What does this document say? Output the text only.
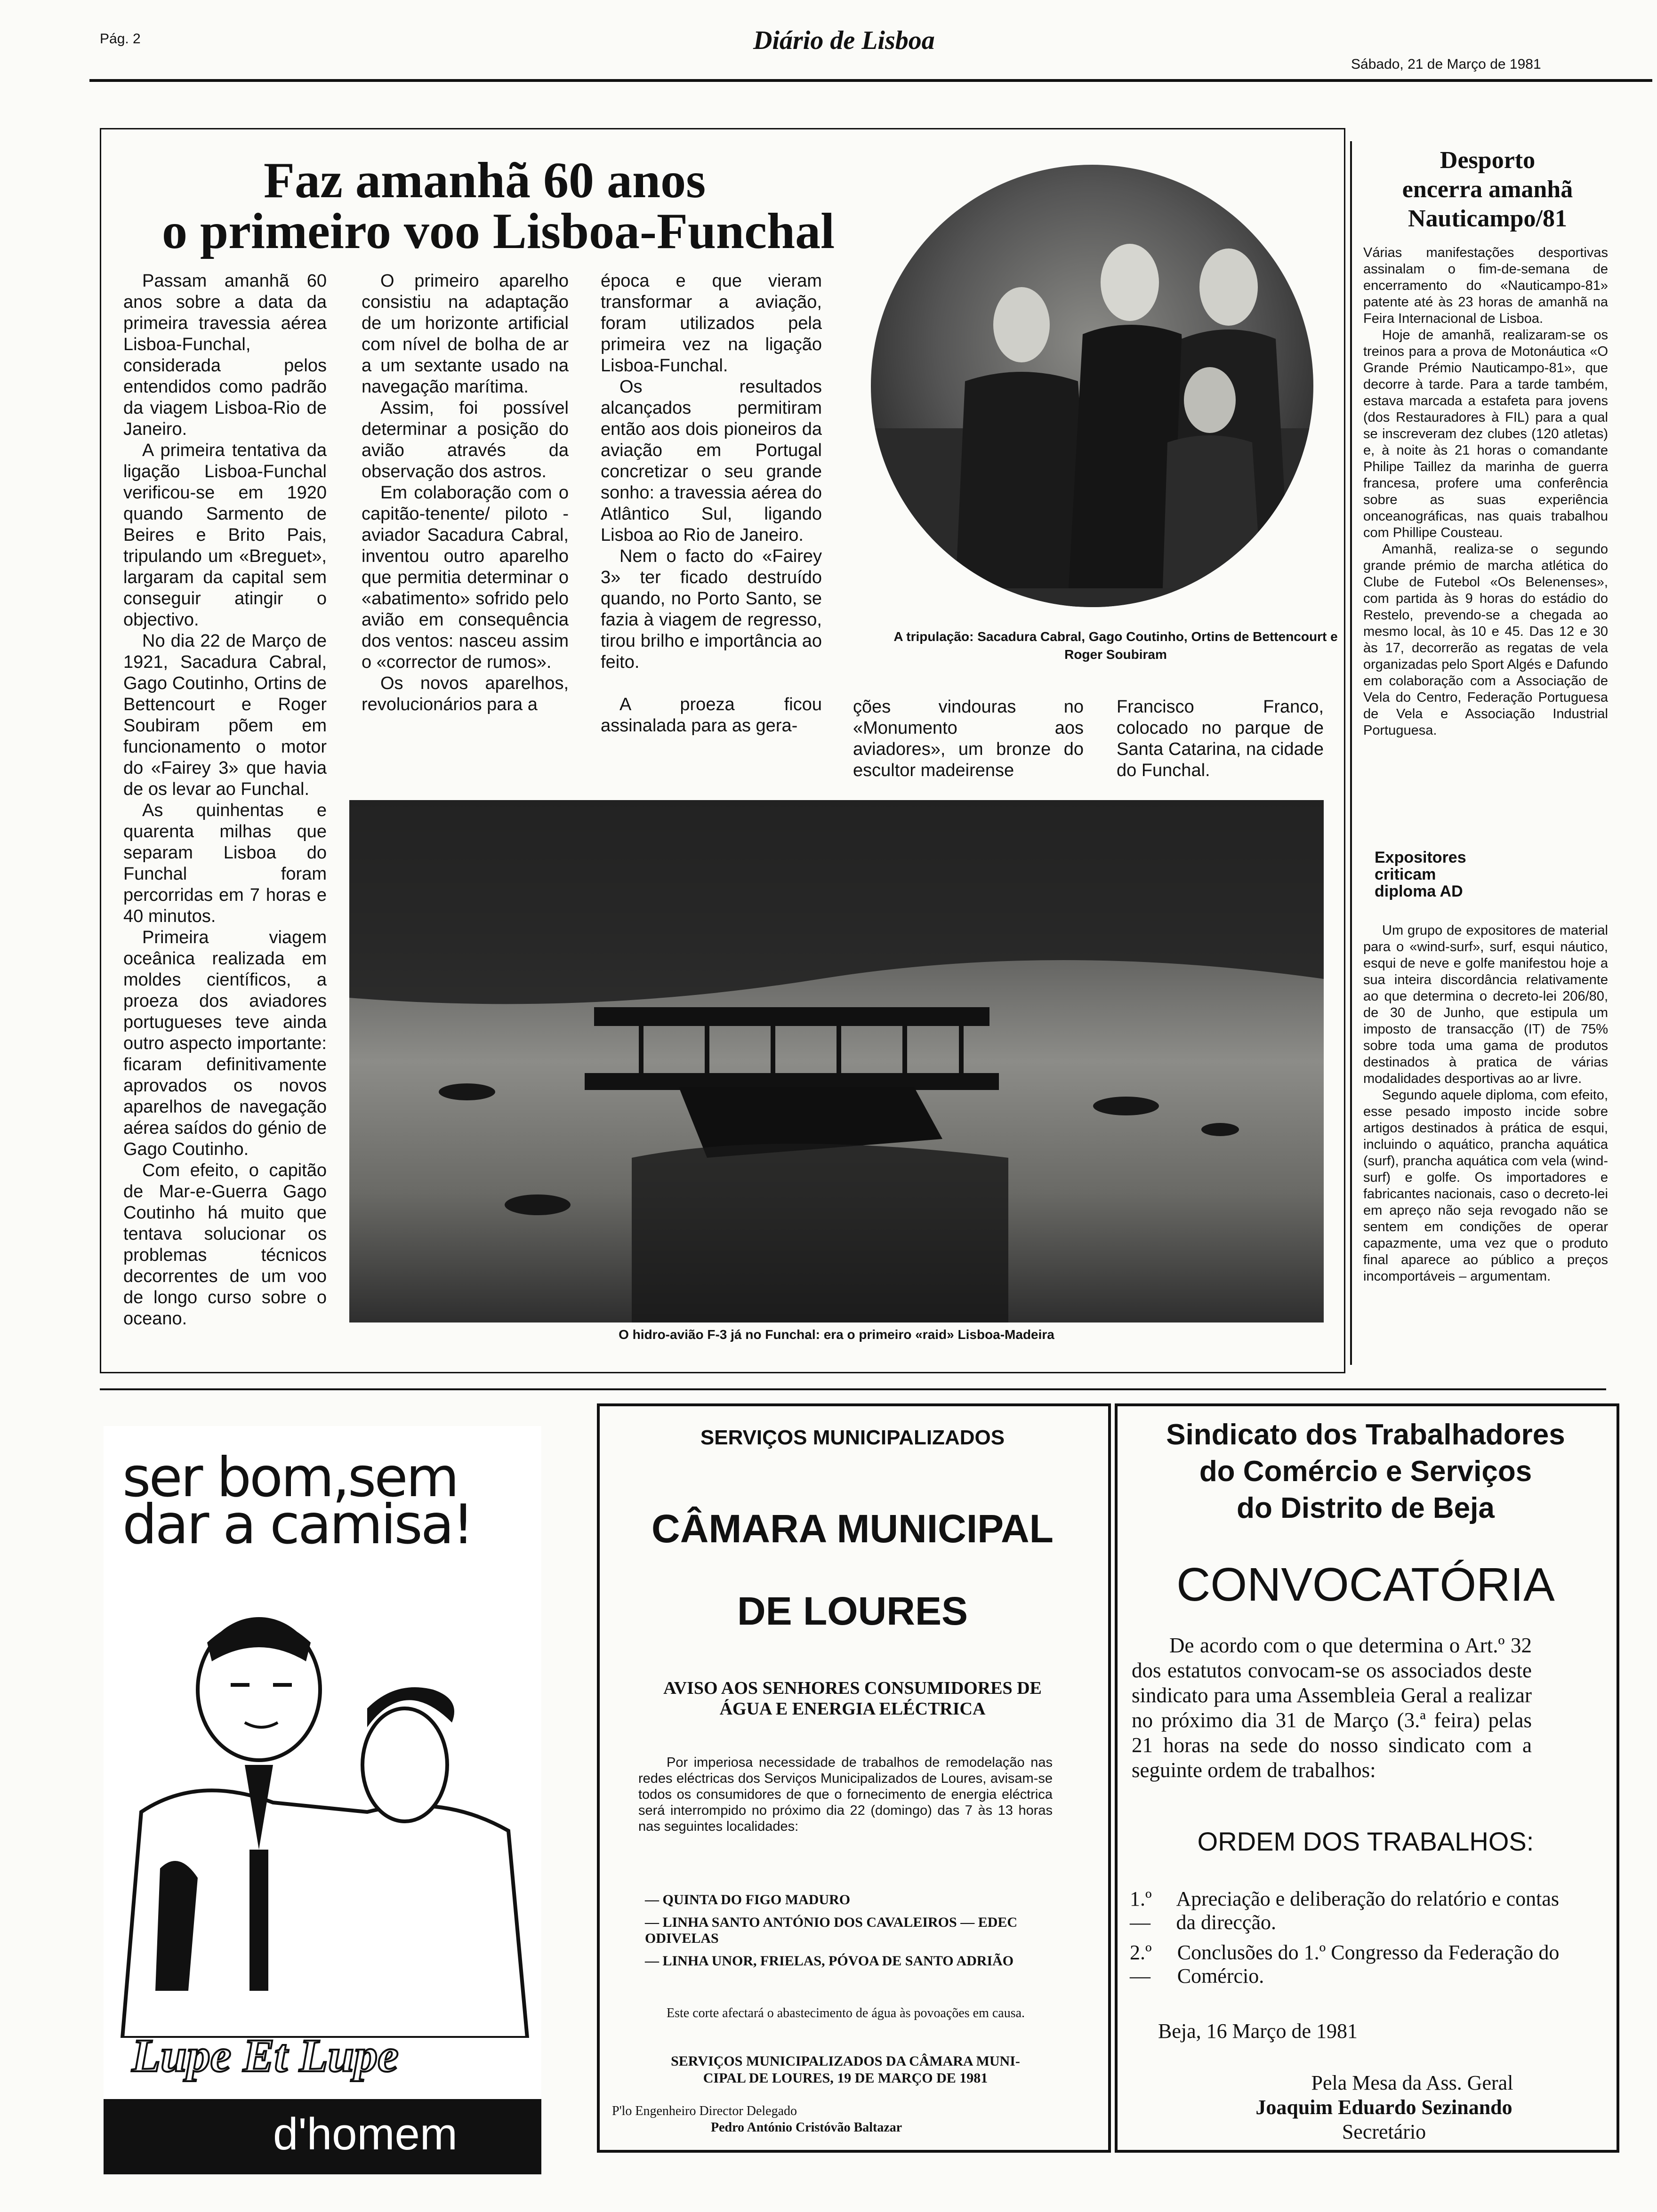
Pág. 2	Diário de Lisboa
Sábado, 21 de Março de 1981
Faz amanhã 60 anos
o primeiro voo Lisboa-Funchal

Passam amanhã 60 anos sobre a data da primeira travessia aérea Lisboa-Funchal, considerada pelos entendidos como padrão da viagem Lisboa-Rio de Janeiro.

A primeira tentativa da ligação Lisboa-Funchal verificou-se em 1920 quando Sarmento de Beires e Brito Pais, tripulando um «Breguet», largaram da capital sem conseguir atingir o objectivo.

No dia 22 de Março de 1921, Sacadura Cabral, Gago Coutinho, Ortins de Bettencourt e Roger Soubiram põem em funcionamento o motor do «Fairey 3» que havia de os levar ao Funchal.

As quinhentas e quarenta milhas que separam Lisboa do Funchal foram percorridas em 7 horas e 40 minutos.

Primeira viagem oceânica realizada em moldes científicos, a proeza dos aviadores portugueses teve ainda outro aspecto importante: ficaram definitivamente aprovados os novos aparelhos de navegação aérea saídos do génio de Gago Coutinho.

Com efeito, o capitão de Mar-e-Guerra Gago Coutinho há muito que tentava solucionar os problemas técnicos decorrentes de um voo de longo curso sobre o oceano.

O primeiro aparelho consistiu na adaptação de um horizonte artificial com nível de bolha de ar a um sextante usado na navegação marítima.

Assim, foi possível determinar a posição do avião através da observação dos astros.

Em colaboração com o capitão-tenente/ piloto -aviador Sacadura Cabral, inventou outro aparelho que permitia determinar o «abatimento» sofrido pelo avião em consequência dos ventos: nasceu assim o «corrector de rumos».

Os novos aparelhos, revolucionários para a

época e que vieram transformar a aviação, foram utilizados pela primeira vez na ligação Lisboa-Funchal.

Os resultados alcançados permitiram então aos dois pioneiros da aviação em Portugal concretizar o seu grande sonho: a travessia aérea do Atlântico Sul, ligando Lisboa ao Rio de Janeiro.

Nem o facto do «Fairey 3» ter ficado destruído quando, no Porto Santo, se fazia à viagem de regresso, tirou brilho e importância ao feito.

A proeza ficou assinalada para as gera-

A tripulação: Sacadura Cabral, Gago Coutinho, Ortins de Bettencourt e Roger Soubiram

ções vindouras no «Monumento aos aviadores», um bronze do escultor madeirense

Francisco Franco, colocado no parque de Santa Catarina, na cidade do Funchal.

O hidro-avião F-3 já no Funchal: era o primeiro «raid» Lisboa-Madeira
Desporto
encerra amanhã
Nauticampo/81

Várias manifestações desportivas assinalam o fim-de-semana de encerramento do «Nauticampo-81» patente até às 23 horas de amanhã na Feira Internacional de Lisboa.

Hoje de amanhã, realizaram-se os treinos para a prova de Motonáutica «O Grande Prémio Nauticampo-81», que decorre à tarde. Para a tarde também, estava marcada a estafeta para jovens (dos Restauradores à FIL) para a qual se inscreveram dez clubes (120 atletas) e, à noite às 21 horas o comandante Philipe Taillez da marinha de guerra francesa, profere uma conferência sobre as suas experiência onceanográficas, nas quais trabalhou com Phillipe Cousteau.

Amanhã, realiza-se o segundo grande prémio de marcha atlética do Clube de Futebol «Os Belenenses», com partida às 9 horas do estádio do Restelo, prevendo-se a chegada ao mesmo local, às 10 e 45. Das 12 e 30 às 17, decorrerão as regatas de vela organizadas pelo Sport Algés e Dafundo em colaboração com a Associação de Vela do Centro, Federação Portuguesa de Vela e Associação Industrial Portuguesa.

Expositores
criticam
diploma AD

Um grupo de expositores de material para o «wind-surf», surf, esqui náutico, esqui de neve e golfe manifestou hoje a sua inteira discordância relativamente ao que determina o decreto-lei 206/80, de 30 de Junho, que estipula um imposto de transacção (IT) de 75% sobre toda uma gama de produtos destinados à pratica de várias modalidades desportivas ao ar livre.

Segundo aquele diploma, com efeito, esse pesado imposto incide sobre artigos destinados à prática de esqui, incluindo o aquático, prancha aquática (surf), prancha aquática com vela (wind-surf) e golfe. Os importadores e fabricantes nacionais, caso o decreto-lei em apreço não seja revogado não se sentem em condições de operar capazmente, uma vez que o produto final aparece ao público a preços incomportáveis – argumentam.

ser bom,sem
dar a camisa!
Lupe Et Lupe
d'homem
SERVIÇOS MUNICIPALIZADOS
CÂMARA MUNICIPAL
DE LOURES
AVISO AOS SENHORES CONSUMIDORES DE
ÁGUA E ENERGIA ELÉCTRICA
Por imperiosa necessidade de trabalhos de remodelação nas redes eléctricas dos Serviços Municipalizados de Loures, avisam-se todos os consumidores de que o fornecimento de energia eléctrica será interrompido no próximo dia 22 (domingo) das 7 às 13 horas nas seguintes localidades:
— QUINTA DO FIGO MADURO
— LINHA SANTO ANTÓNIO DOS CAVALEIROS — EDEC ODIVELAS
— LINHA UNOR, FRIELAS, PÓVOA DE SANTO ADRIÃO
Este corte afectará o abastecimento de água às povoações em causa.
SERVIÇOS MUNICIPALIZADOS DA CÂMARA MUNI-
CIPAL DE LOURES, 19 DE MARÇO DE 1981
P'lo Engenheiro Director Delegado
Pedro António Cristóvão Baltazar
Sindicato dos Trabalhadores
do Comércio e Serviços
do Distrito de Beja
CONVOCATÓRIA
De acordo com o que determina o Art.º 32 dos estatutos convocam-se os associados deste sindicato para uma Assembleia Geral a realizar no próximo dia 31 de Março (3.ª feira) pelas 21 horas na sede do nosso sindicato com a seguinte ordem de trabalhos:
ORDEM DOS TRABALHOS:
1.º —
Apreciação e deliberação do relatório e contas da direcção.
2.º —
Conclusões do 1.º Congresso da Federação do Comércio.
Beja, 16 Março de 1981
Pela Mesa da Ass. Geral
Joaquim Eduardo Sezinando
Secretário
